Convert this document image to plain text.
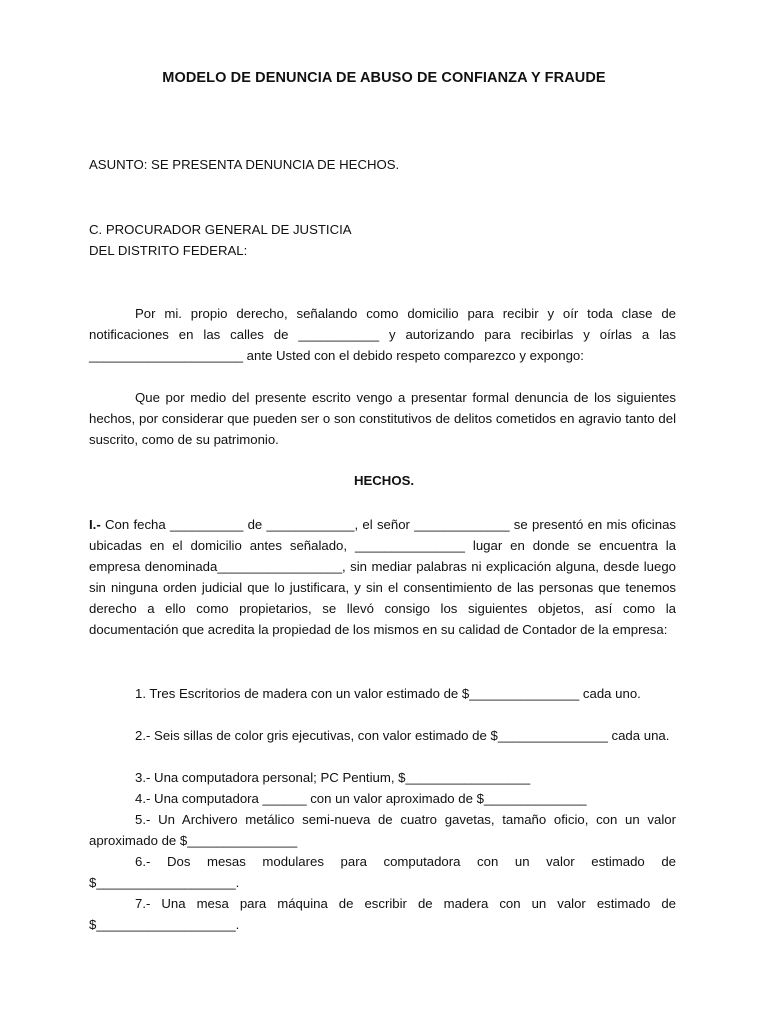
MODELO DE DENUNCIA DE ABUSO DE CONFIANZA Y FRAUDE
ASUNTO: SE PRESENTA DENUNCIA DE HECHOS.
C. PROCURADOR GENERAL DE JUSTICIA
DEL DISTRITO FEDERAL:
Por mi. propio derecho, señalando como domicilio para recibir y oír toda clase de notificaciones en las calles de ___________ y autorizando para recibirlas y oírlas a las _____________________ ante Usted con el debido respeto comparezco y expongo:
Que por medio del presente escrito vengo a presentar formal denuncia de los siguientes hechos, por considerar que pueden ser o son constitutivos de delitos cometidos en agravio tanto del suscrito, como de su patrimonio.
HECHOS.
I.- Con fecha __________ de ____________, el señor _____________ se presentó en mis oficinas ubicadas en el domicilio antes señalado, _______________ lugar en donde se encuentra la empresa denominada_________________, sin mediar palabras ni explicación alguna, desde luego sin ninguna orden judicial que lo justificara, y sin el consentimiento de las personas que tenemos derecho a ello como propietarios, se llevó consigo los siguientes objetos, así como la documentación que acredita la propiedad de los mismos en su calidad de Contador de la empresa:
1. Tres Escritorios de madera con un valor estimado de $_______________ cada uno.
2.- Seis sillas de color gris ejecutivas, con valor estimado de $_______________ cada una.
3.- Una computadora personal; PC Pentium, $_________________
4.- Una computadora ______ con un valor aproximado de $______________
5.- Un Archivero metálico semi-nueva de cuatro gavetas, tamaño oficio, con un valor aproximado de $_______________
6.- Dos mesas modulares para computadora con un valor estimado de $___________________.
7.- Una mesa para máquina de escribir de madera con un valor estimado de $___________________.
